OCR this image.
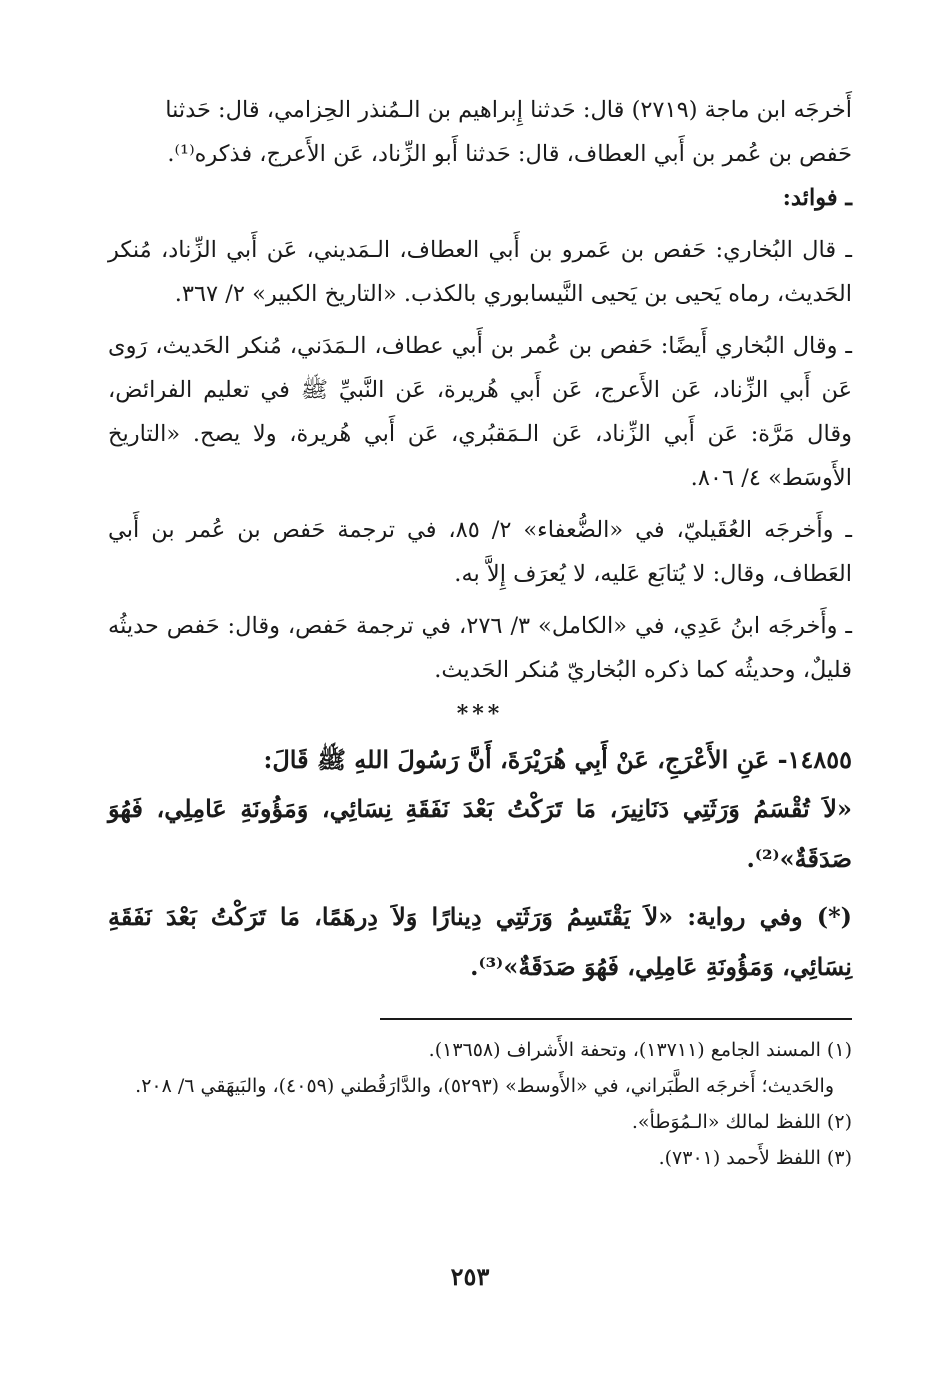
أَخرجَه ابن ماجة (٢٧١٩) قال: حَدثنا إِبراهيم بن الـمُنذر الحِزامي، قال: حَدثنا

حَفص بن عُمر بن أَبي العطاف، قال: حَدثنا أَبو الزِّناد، عَن الأَعرج، فذكره⁽¹⁾.

ـ فوائد:

ـ قال البُخاري: حَفص بن عَمرو بن أَبي العطاف، الـمَديني، عَن أَبي الزِّناد، مُنكر الحَديث، رماه يَحيى بن يَحيى النَّيسابوري بالكذب. «التاريخ الكبير» ٢/ ٣٦٧.

ـ وقال البُخاري أَيضًا: حَفص بن عُمر بن أَبي عطاف، الـمَدَني، مُنكر الحَديث، رَوى عَن أَبي الزِّناد، عَن الأَعرج، عَن أَبي هُريرة، عَن النَّبيِّ ﷺ في تعليم الفرائض، وقال مَرَّة: عَن أَبي الزِّناد، عَن الـمَقبُري، عَن أَبي هُريرة، ولا يصح. «التاريخ الأَوسَط» ٤/ ٨٠٦.

ـ وأَخرجَه العُقَيليّ، في «الضُّعفاء» ٢/ ٨٥، في ترجمة حَفص بن عُمر بن أَبي العَطاف، وقال: لا يُتابَع عَليه، لا يُعرَف إِلاَّ به.

ـ وأَخرجَه ابنُ عَدِي، في «الكامل» ٣/ ٢٧٦، في ترجمة حَفص، وقال: حَفص حديثُه قليلٌ، وحديثُه كما ذكره البُخاريّ مُنكر الحَديث.

***

١٤٨٥٥- عَنِ الأَعْرَجِ، عَنْ أَبِي هُرَيْرَةَ، أَنَّ رَسُولَ اللهِ ﷺ قَالَ:

«لاَ تُقْسَمُ وَرَثَتِي دَنَانِيرَ، مَا تَرَكْتُ بَعْدَ نَفَقَةِ نِسَائِي، وَمَؤُونَةِ عَامِلِي، فَهُوَ صَدَقَةٌ»⁽²⁾.

(*) وفي رواية: «لاَ يَقْتَسِمُ وَرَثَتِي دِينارًا وَلاَ دِرهَمًا، مَا تَرَكْتُ بَعْدَ نَفَقَةِ نِسَائِي، وَمَؤُونَةِ عَامِلِي، فَهُوَ صَدَقَةٌ»⁽³⁾.

(١) المسند الجامع (١٣٧١١)، وتحفة الأَشراف (١٣٦٥٨).

والحَديث؛ أَخرجَه الطَّبَراني، في «الأَوسط» (٥٢٩٣)، والدَّارَقُطني (٤٠٥٩)، والبَيهَقي ٦/ ٢٠٨.

(٢) اللفظ لمالك «الـمُوَطأ».

(٣) اللفظ لأَحمد (٧٣٠١).

٢٥٣
